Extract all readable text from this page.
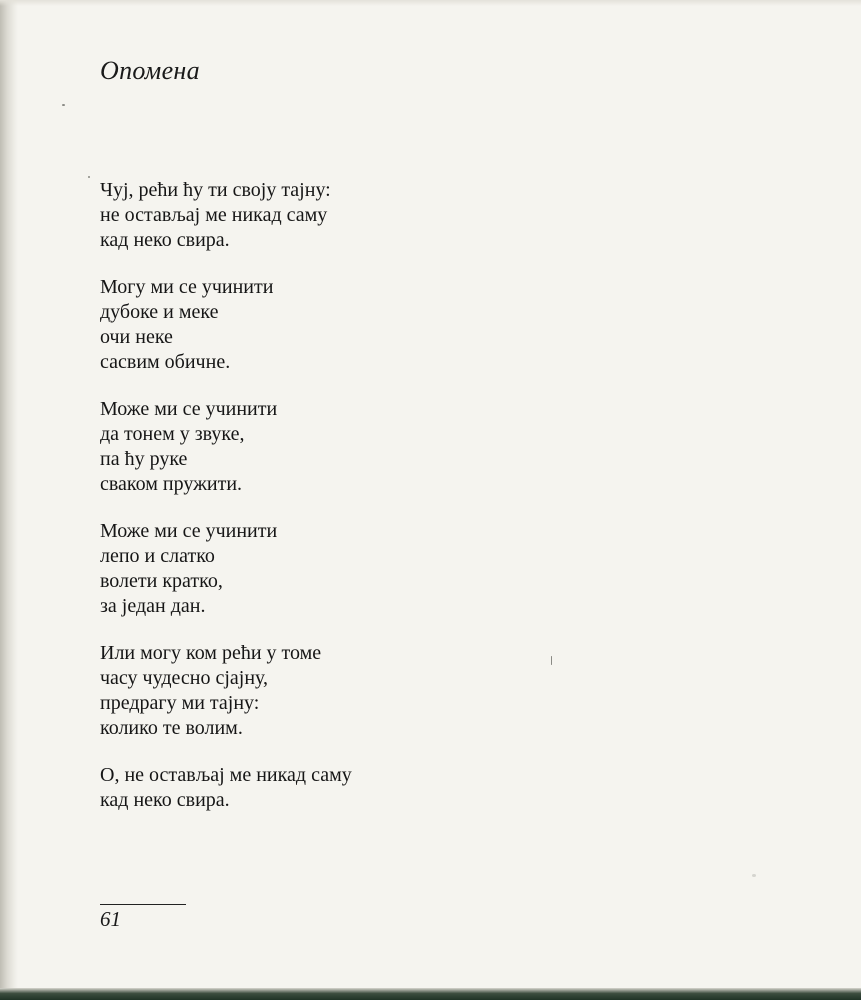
Опомена
Чуј, рећи ћу ти своју тајну:
не остављај ме никад саму
кад неко свира.
Могу ми се учинити
дубоке и меке
очи неке
сасвим обичне.
Може ми се учинити
да тонем у звуке,
па ћу руке
сваком пружити.
Може ми се учинити
лепо и слатко
волети кратко,
за један дан.
Или могу ком рећи у томе
часу чудесно сјајну,
предрагу ми тајну:
колико те волим.
О, не остављај ме никад саму
кад неко свира.
61
